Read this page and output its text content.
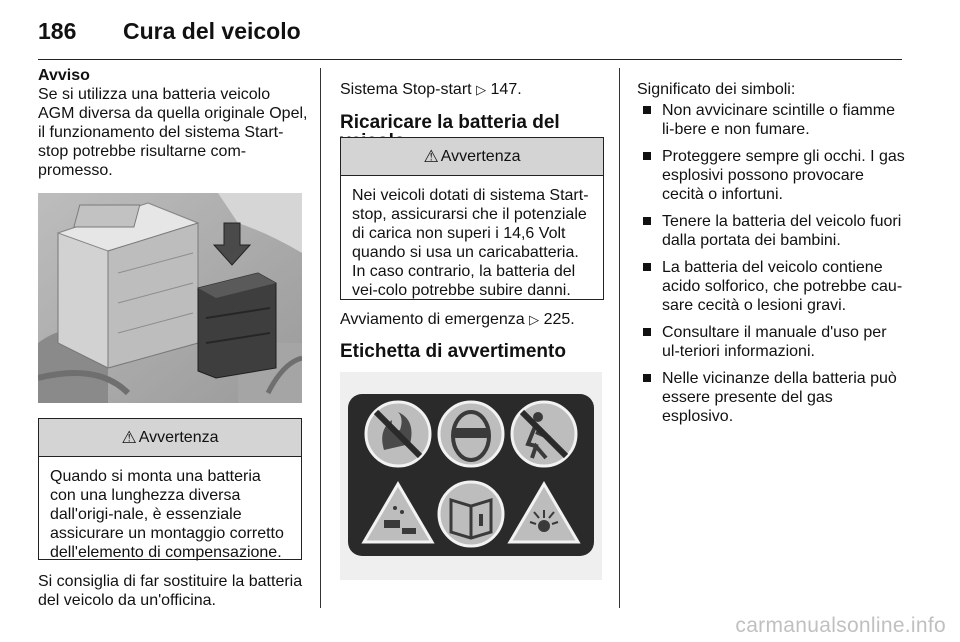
186 Cura del veicolo

Avviso

Se si utilizza una batteria veicolo AGM diversa da quella originale Opel, il funzionamento del sistema Start-stop potrebbe risultarne com-promesso.

⚠ Avvertenza
Quando si monta una batteria con una lunghezza diversa dall'origi-nale, è essenziale assicurare un montaggio corretto dell'elemento di compensazione.
Si consiglia di far sostituire la batteria del veicolo da un'officina.

Sistema Stop-start ▷ 147.

Ricaricare la batteria del

⚠ Avvertenza
Nei veicoli dotati di sistema Start-stop, assicurarsi che il potenziale di carica non superi i 14,6 Volt quando si usa un caricabatteria. In caso contrario, la batteria del vei-colo potrebbe subire danni.
Avviamento di emergenza ▷ 225.
Etichetta di avvertimento

Significato dei simboli:

Non avvicinare scintille o fiamme li-bere e non fumare.
Proteggere sempre gli occhi. I gas esplosivi possono provocare cecità o infortuni.
Tenere la batteria del veicolo fuori dalla portata dei bambini.
La batteria del veicolo contiene acido solforico, che potrebbe cau-sare cecità o lesioni gravi.
Consultare il manuale d'uso per ul-teriori informazioni.
Nelle vicinanze della batteria può essere presente del gas esplosivo.
carmanualsonline.info
